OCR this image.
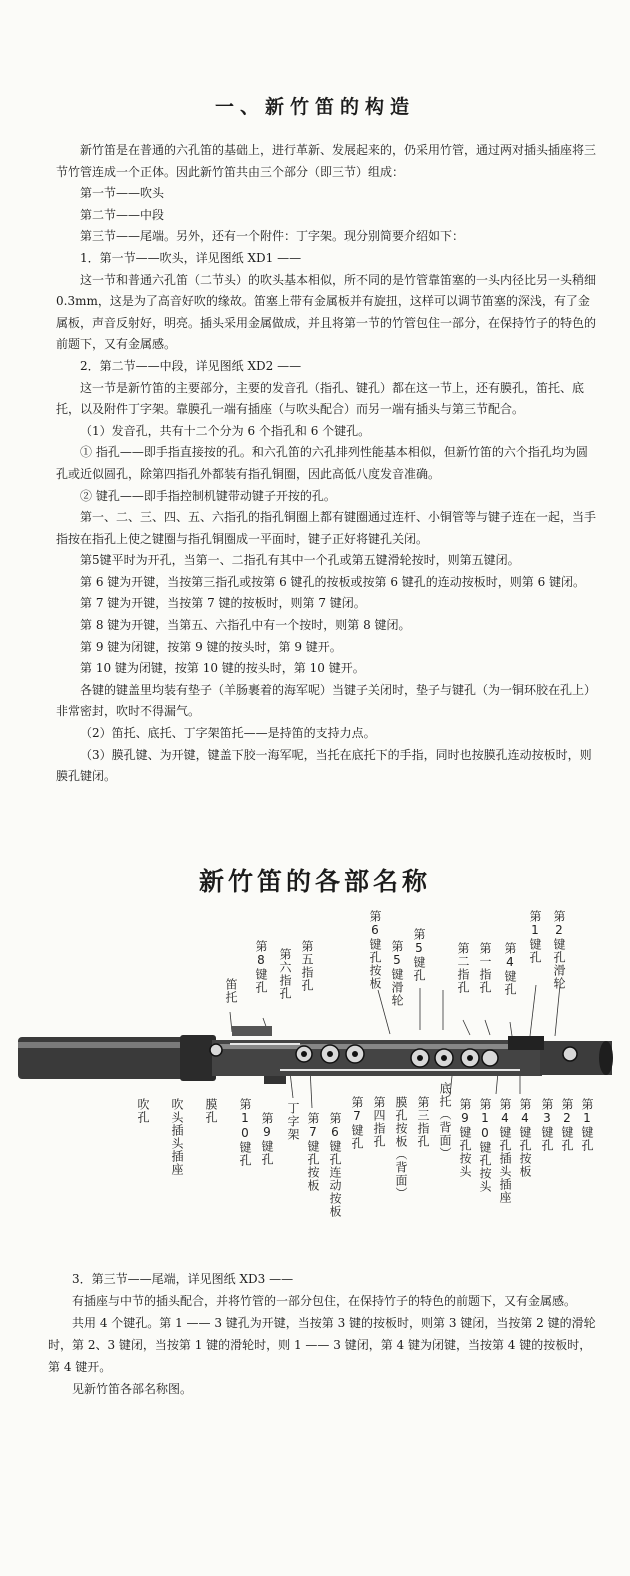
一、新竹笛的构造

新竹笛是在普通的六孔笛的基础上，进行革新、发展起来的，仍采用竹管，通过两对插头插座将三节竹管连成一个正体。因此新竹笛共由三个部分（即三节）组成：

第一节——吹头

第二节——中段

第三节——尾端。另外，还有一个附件：丁字架。现分别简要介绍如下：

1．第一节——吹头，详见图纸 XD1 ——

这一节和普通六孔笛（二节头）的吹头基本相似，所不同的是竹管靠笛塞的一头内径比另一头稍细0.3mm，这是为了高音好吹的缘故。笛塞上带有金属板并有旋扭，这样可以调节笛塞的深浅，有了金属板，声音反射好，明亮。插头采用金属做成，并且将第一节的竹管包住一部分，在保持竹子的特色的前题下，又有金属感。

2．第二节——中段，详见图纸 XD2 ——

这一节是新竹笛的主要部分，主要的发音孔（指孔、键孔）都在这一节上，还有膜孔，笛托、底托，以及附件丁字架。靠膜孔一端有插座（与吹头配合）而另一端有插头与第三节配合。

（1）发音孔，共有十二个分为 6 个指孔和 6 个键孔。

① 指孔——即手指直接按的孔。和六孔笛的六孔排列性能基本相似，但新竹笛的六个指孔均为圆孔或近似圆孔，除第四指孔外都装有指孔铜圈，因此高低八度发音准确。

② 键孔——即手指控制机键带动键子开按的孔。

第一、二、三、四、五、六指孔的指孔铜圈上都有键圈通过连杆、小铜管等与键子连在一起，当手指按在指孔上使之键圈与指孔铜圈成一平面时，键子正好将键孔关闭。

第5键平时为开孔，当第一、二指孔有其中一个孔或第五键滑轮按时，则第五键闭。

第 6 键为开键，当按第三指孔或按第 6 键孔的按板或按第 6 键孔的连动按板时，则第 6 键闭。

第 7 键为开键，当按第 7 键的按板时，则第 7 键闭。

第 8 键为开键，当第五、六指孔中有一个按时，则第 8 键闭。

第 9 键为闭键，按第 9 键的按头时，第 9 键开。

第 10 键为闭键，按第 10 键的按头时，第 10 键开。

各键的键盖里均装有垫子（羊肠裹着的海军呢）当键子关闭时，垫子与键孔（为一铜环胶在孔上）非常密封，吹时不得漏气。

（2）笛托、底托、丁字架笛托——是持笛的支持力点。

（3）膜孔键、为开键，键盖下胶一海军呢，当托在底托下的手指，同时也按膜孔连动按板时，则膜孔键闭。

新竹笛的各部名称
第6键孔按板 第5键滑轮 第5键孔
第8键孔 第六指孔 第五指孔
笛托	第二指孔 第一指孔 第4键孔
第1键孔 第2键孔滑轮
吹孔 吹头插头插座 膜孔 第10键孔 第9键孔 丁字架 第7键孔按板 第6键孔连动按板 第7键孔 第四指孔 膜孔按板（背面） 第三指孔 底托（背面） 第9键孔按头 第10键孔按头 第4键孔插头插座 第4键孔按板 第3键孔 第2键孔 第1键孔

3．第三节——尾端，详见图纸 XD3 ——

有插座与中节的插头配合，并将竹管的一部分包住，在保持竹子的特色的前题下，又有金属感。

共用 4 个键孔。第 1 —— 3 键孔为开键，当按第 3 键的按板时，则第 3 键闭，当按第 2 键的滑轮时，第 2、3 键闭，当按第 1 键的滑轮时，则 1 —— 3 键闭，第 4 键为闭键，当按第 4 键的按板时，第 4 键开。

见新竹笛各部名称图。
